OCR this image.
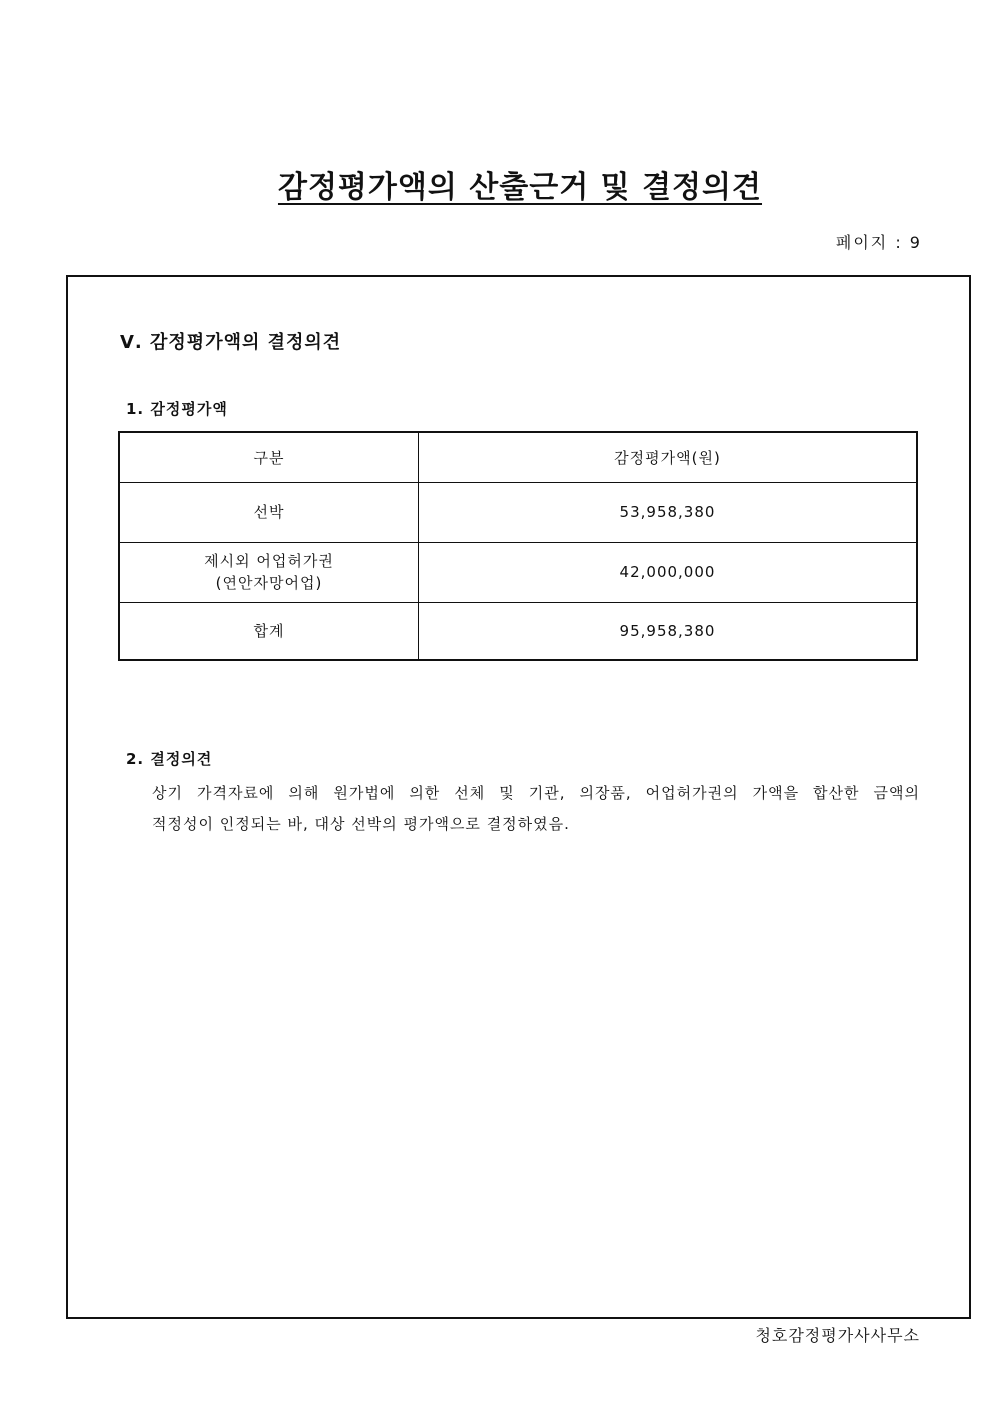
감정평가액의 산출근거 및 결정의견
페이지 : 9
Ⅴ. 감정평가액의 결정의견
1. 감정평가액
구분	감정평가액(원)

선박	53,958,380

제시외 어업허가권
(연안자망어업)	42,000,000

합계	95,958,380
2. 결정의견
상기 가격자료에 의해 원가법에 의한 선체 및 기관, 의장품, 어업허가권의 가액을 합산한 금액의
적정성이 인정되는 바, 대상 선박의 평가액으로 결정하였음.
청호감정평가사사무소
